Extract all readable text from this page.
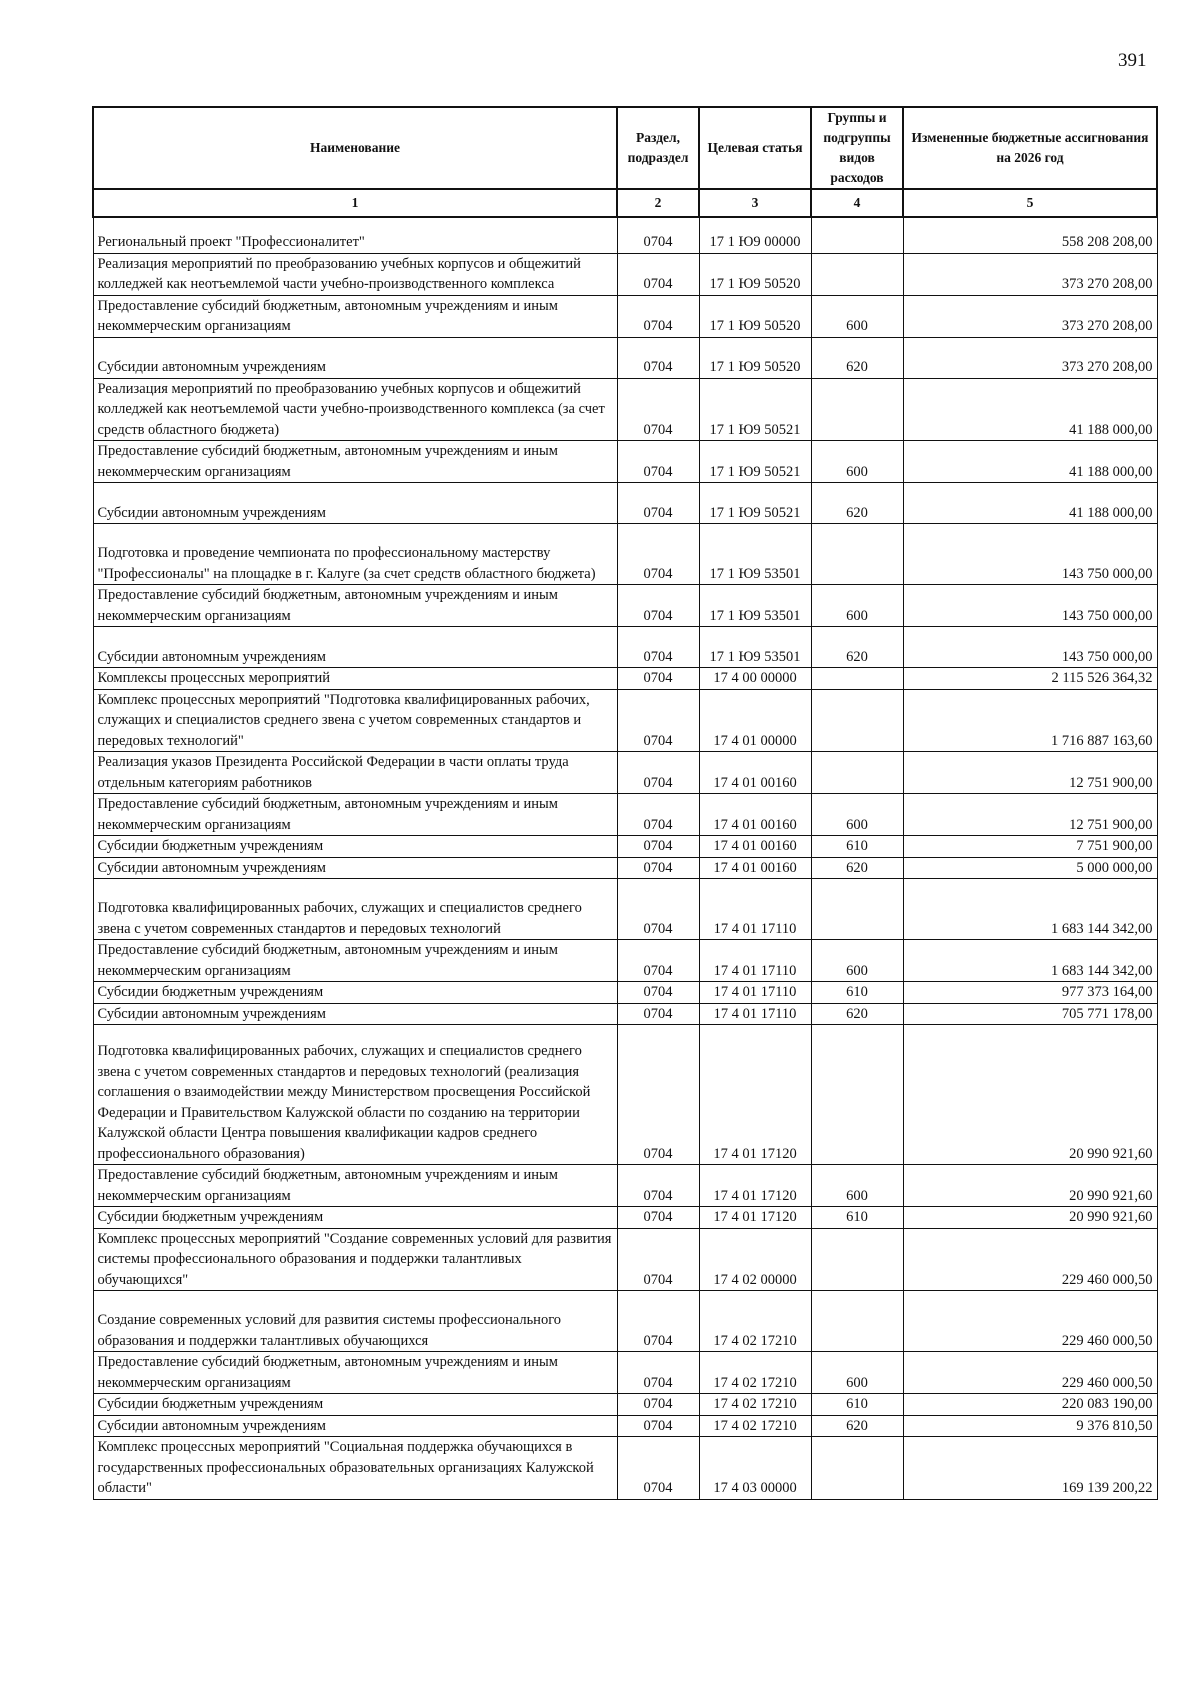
391
Наименование	Раздел, подраздел	Целевая статья	Группы и подгруппы видов расходов	Измененные бюджетные ассигнования на 2026 год
1	2	3	4	5
Региональный проект "Профессионалитет"	0704	17 1 Ю9 00000		558 208 208,00
Реализация мероприятий по преобразованию учебных корпусов и общежитий колледжей как неотъемлемой части учебно-производственного комплекса	0704	17 1 Ю9 50520		373 270 208,00
Предоставление субсидий бюджетным, автономным учреждениям и иным некоммерческим организациям	0704	17 1 Ю9 50520	600	373 270 208,00
Субсидии автономным учреждениям	0704	17 1 Ю9 50520	620	373 270 208,00
Реализация мероприятий по преобразованию учебных корпусов и общежитий колледжей как неотъемлемой части учебно-производственного комплекса (за счет средств областного бюджета)	0704	17 1 Ю9 50521		41 188 000,00
Предоставление субсидий бюджетным, автономным учреждениям и иным некоммерческим организациям	0704	17 1 Ю9 50521	600	41 188 000,00
Субсидии автономным учреждениям	0704	17 1 Ю9 50521	620	41 188 000,00
Подготовка и проведение чемпионата по профессиональному мастерству "Профессионалы" на площадке в г. Калуге (за счет средств областного бюджета)	0704	17 1 Ю9 53501		143 750 000,00
Предоставление субсидий бюджетным, автономным учреждениям и иным некоммерческим организациям	0704	17 1 Ю9 53501	600	143 750 000,00
Субсидии автономным учреждениям	0704	17 1 Ю9 53501	620	143 750 000,00
Комплексы процессных мероприятий	0704	17 4 00 00000		2 115 526 364,32
Комплекс процессных мероприятий "Подготовка квалифицированных рабочих, служащих и специалистов среднего звена с учетом современных стандартов и передовых технологий"	0704	17 4 01 00000		1 716 887 163,60
Реализация указов Президента Российской Федерации в части оплаты труда отдельным категориям работников	0704	17 4 01 00160		12 751 900,00
Предоставление субсидий бюджетным, автономным учреждениям и иным некоммерческим организациям	0704	17 4 01 00160	600	12 751 900,00
Субсидии бюджетным учреждениям	0704	17 4 01 00160	610	7 751 900,00
Субсидии автономным учреждениям	0704	17 4 01 00160	620	5 000 000,00
Подготовка квалифицированных рабочих, служащих и специалистов среднего звена с учетом современных стандартов и передовых технологий	0704	17 4 01 17110		1 683 144 342,00
Предоставление субсидий бюджетным, автономным учреждениям и иным некоммерческим организациям	0704	17 4 01 17110	600	1 683 144 342,00
Субсидии бюджетным учреждениям	0704	17 4 01 17110	610	977 373 164,00
Субсидии автономным учреждениям	0704	17 4 01 17110	620	705 771 178,00
Подготовка квалифицированных рабочих, служащих и специалистов среднего звена с учетом современных стандартов и передовых технологий (реализация соглашения о взаимодействии между Министерством просвещения Российской Федерации и Правительством Калужской области по созданию на территории Калужской области Центра повышения квалификации кадров среднего профессионального образования)	0704	17 4 01 17120		20 990 921,60
Предоставление субсидий бюджетным, автономным учреждениям и иным некоммерческим организациям	0704	17 4 01 17120	600	20 990 921,60
Субсидии бюджетным учреждениям	0704	17 4 01 17120	610	20 990 921,60
Комплекс процессных мероприятий "Создание современных условий для развития системы профессионального образования и поддержки талантливых обучающихся"	0704	17 4 02 00000		229 460 000,50
Создание современных условий для развития системы профессионального образования и поддержки талантливых обучающихся	0704	17 4 02 17210		229 460 000,50
Предоставление субсидий бюджетным, автономным учреждениям и иным некоммерческим организациям	0704	17 4 02 17210	600	229 460 000,50
Субсидии бюджетным учреждениям	0704	17 4 02 17210	610	220 083 190,00
Субсидии автономным учреждениям	0704	17 4 02 17210	620	9 376 810,50
Комплекс процессных мероприятий "Социальная поддержка обучающихся в государственных профессиональных образовательных организациях Калужской области"	0704	17 4 03 00000		169 139 200,22
